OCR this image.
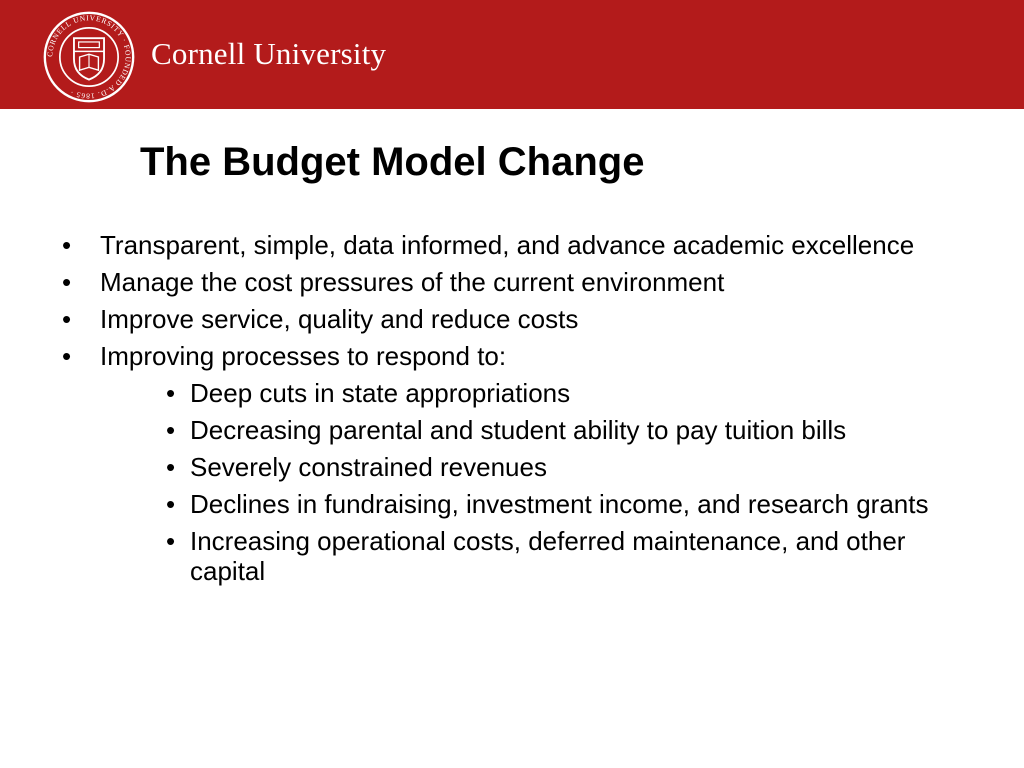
CORNELL UNIVERSITY · FOUNDED A.D. 1865 ·
Cornell University
The Budget Model Change
• Transparent, simple, data informed, and advance academic excellence
• Manage the cost pressures of the current environment
• Improve service, quality and reduce costs
• Improving processes to respond to:
• Deep cuts in state appropriations
• Decreasing parental and student ability to pay tuition bills
• Severely constrained revenues
• Declines in fundraising, investment income, and research grants
• Increasing operational costs, deferred maintenance, and other capital
